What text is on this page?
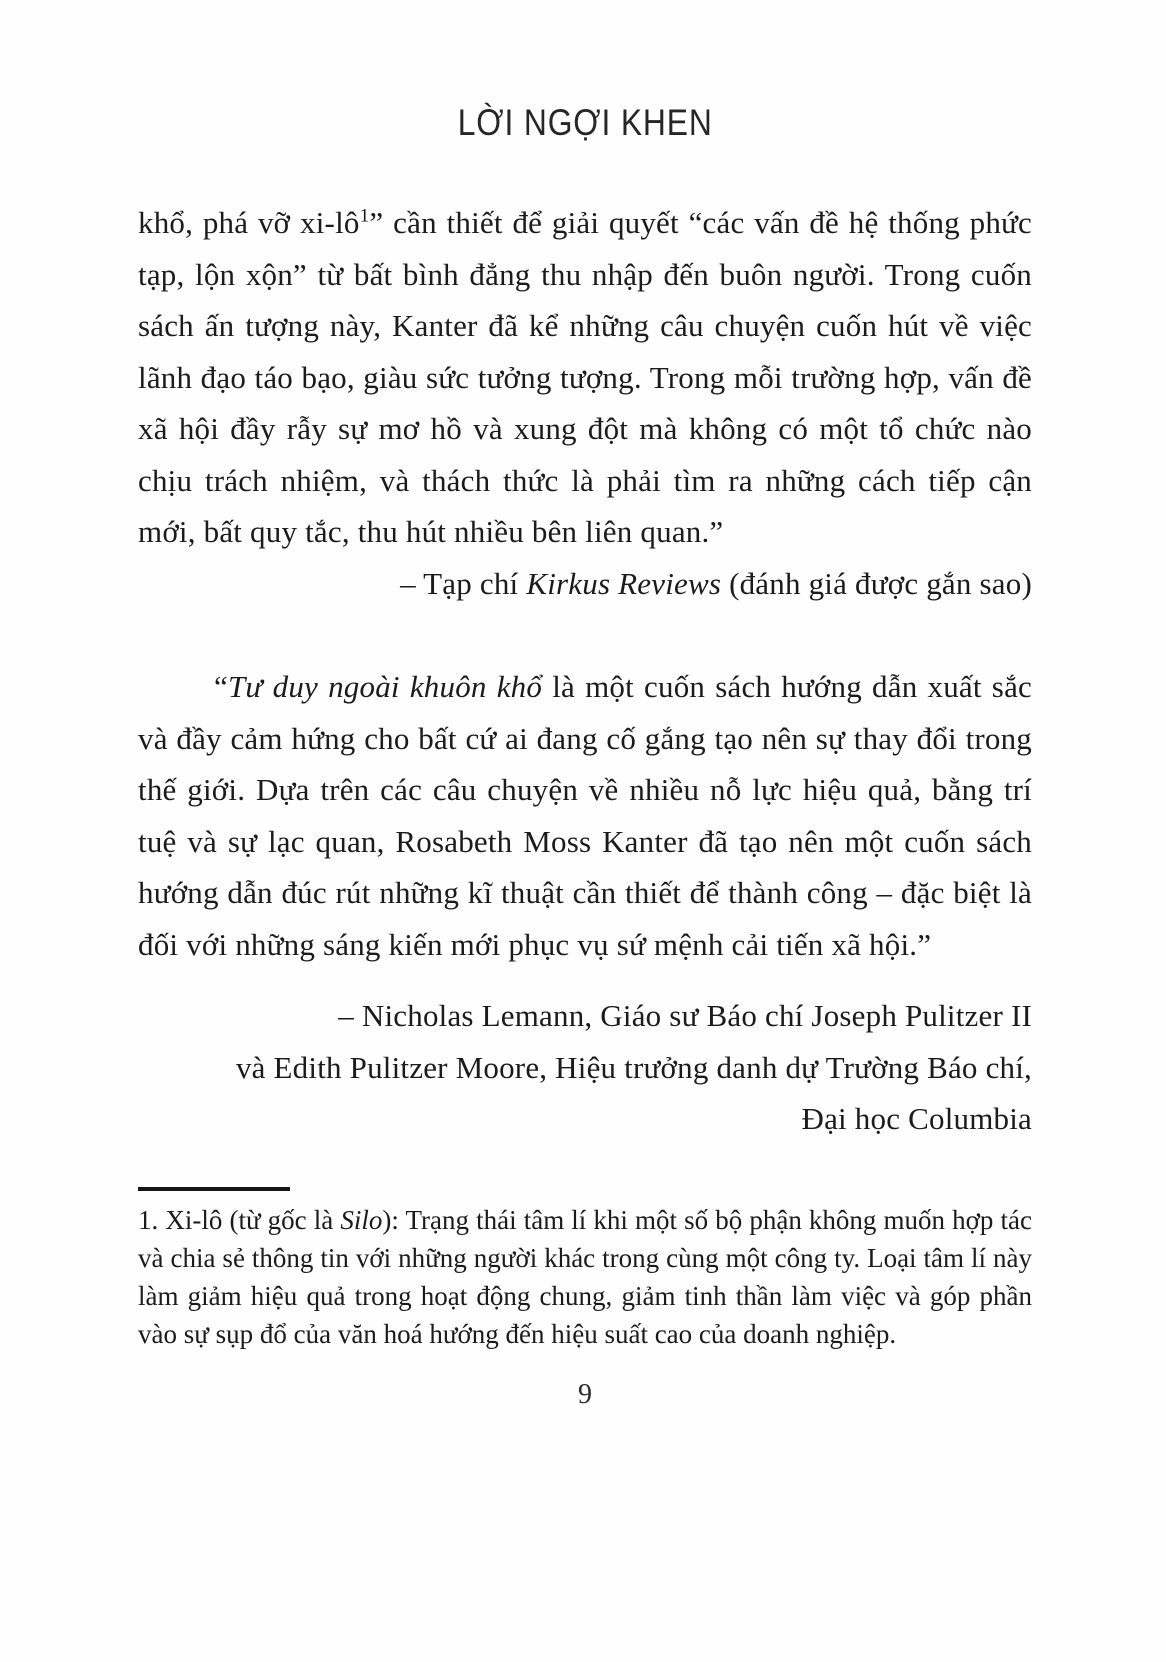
LỜI NGỢI KHEN

khổ, phá vỡ $xi-lô^1$” cần thiết để giải quyết “các vấn đề hệ thống phức tạp, lộn xộn” từ bất bình đẳng thu nhập đến buôn người. Trong cuốn sách ấn tượng này, Kanter đã kể những câu chuyện cuốn hút về việc lãnh đạo táo bạo, giàu sức tưởng tượng. Trong mỗi trường hợp, vấn đề xã hội đầy rẫy sự mơ hồ và xung đột mà không có một tổ chức nào chịu trách nhiệm, và thách thức là phải tìm ra những cách tiếp cận mới, bất quy tắc, thu hút nhiều bên liên quan.”

– Tạp chí Kirkus Reviews (đánh giá được gắn sao)

“Tư duy ngoài khuôn khổ là một cuốn sách hướng dẫn xuất sắc và đầy cảm hứng cho bất cứ ai đang cố gắng tạo nên sự thay đổi trong thế giới. Dựa trên các câu chuyện về nhiều nỗ lực hiệu quả, bằng trí tuệ và sự lạc quan, Rosabeth Moss Kanter đã tạo nên một cuốn sách hướng dẫn đúc rút những kĩ thuật cần thiết để thành công – đặc biệt là đối với những sáng kiến mới phục vụ sứ mệnh cải tiến xã hội.”

– Nicholas Lemann, Giáo sư Báo chí Joseph Pulitzer II
và Edith Pulitzer Moore, Hiệu trưởng danh dự Trường Báo chí,
Đại học Columbia

1. Xi-lô (từ gốc là Silo): Trạng thái tâm lí khi một số bộ phận không muốn hợp tác và chia sẻ thông tin với những người khác trong cùng một công ty. Loại tâm lí này làm giảm hiệu quả trong hoạt động chung, giảm tinh thần làm việc và góp phần vào sự sụp đổ của văn hoá hướng đến hiệu suất cao của doanh nghiệp.

9
